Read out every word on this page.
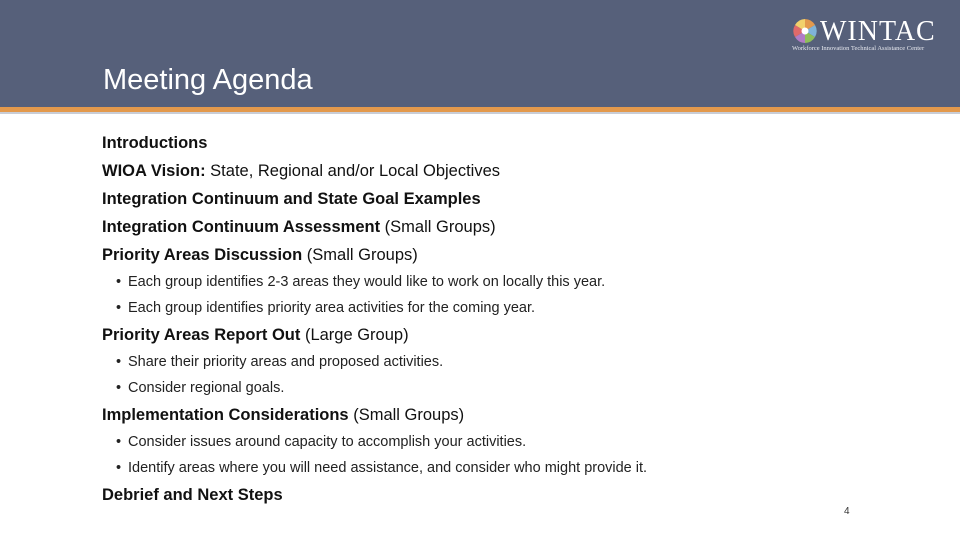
Meeting Agenda
WINTAC
Workforce Innovation Technical Assistance Center
Introductions
WIOA Vision: State, Regional and/or Local Objectives
Integration Continuum and State Goal Examples
Integration Continuum Assessment (Small Groups)
Priority Areas Discussion (Small Groups)
• Each group identifies 2-3 areas they would like to work on locally this year.
• Each group identifies priority area activities for the coming year.
Priority Areas Report Out (Large Group)
• Share their priority areas and proposed activities.
• Consider regional goals.
Implementation Considerations (Small Groups)
• Consider issues around capacity to accomplish your activities.
• Identify areas where you will need assistance, and consider who might provide it.
Debrief and Next Steps
4
